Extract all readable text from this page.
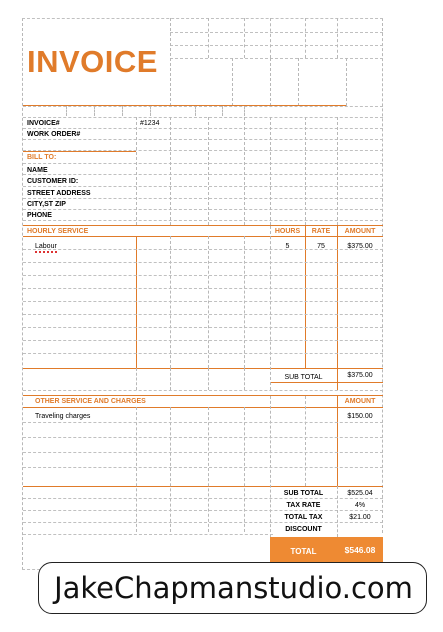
INVOICE
INVOICE#	#1234
WORK ORDER#
BILL TO:
NAME
CUSTOMER ID:
STREET ADDRESS
CITY,ST ZIP
PHONE
HOURLY SERVICE	HOURS	RATE	AMOUNT
Labour	5	75	$375.00
SUB TOTAL	$375.00
OTHER SERVICE AND CHARGES	AMOUNT
Traveling charges	$150.00
SUB TOTAL	$525.04
TAX RATE	4%
TOTAL TAX	$21.00
DISCOUNT
TOTAL	$546.08
JakeChapmanstudio.com
